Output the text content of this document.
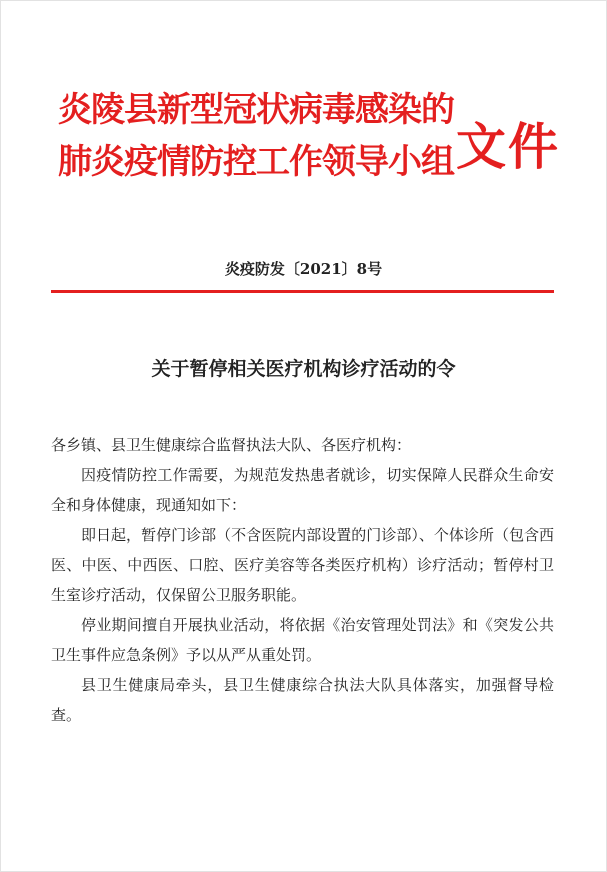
炎陵县新型冠状病毒感染的
肺炎疫情防控工作领导小组 文件
炎疫防发〔2021〕8号
关于暂停相关医疗机构诊疗活动的令

各乡镇、县卫生健康综合监督执法大队、各医疗机构：

因疫情防控工作需要，为规范发热患者就诊，切实保障人民群众生命安全和身体健康，现通知如下：

即日起，暂停门诊部（不含医院内部设置的门诊部）、个体诊所（包含西医、中医、中西医、口腔、医疗美容等各类医疗机构）诊疗活动；暂停村卫生室诊疗活动，仅保留公卫服务职能。

停业期间擅自开展执业活动，将依据《治安管理处罚法》和《突发公共卫生事件应急条例》予以从严从重处罚。

县卫生健康局牵头，县卫生健康综合执法大队具体落实，加强督导检查。
